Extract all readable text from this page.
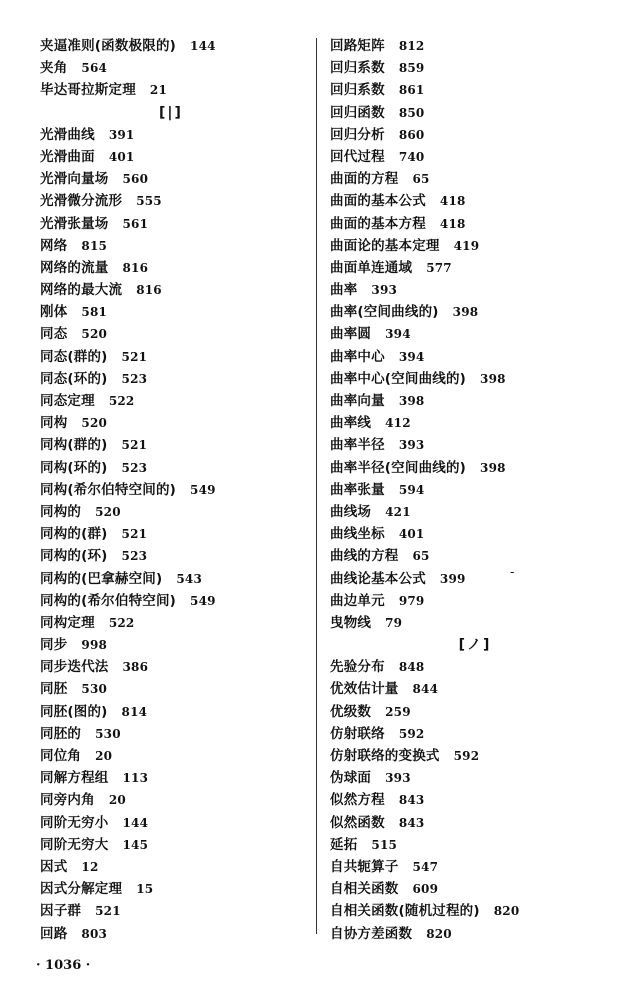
夹逼准则(函数极限的) 144
夹角 564
毕达哥拉斯定理 21
[|]
光滑曲线 391
光滑曲面 401
光滑向量场 560
光滑微分流形 555
光滑张量场 561
网络 815
网络的流量 816
网络的最大流 816
刚体 581
同态 520
同态(群的) 521
同态(环的) 523
同态定理 522
同构 520
同构(群的) 521
同构(环的) 523
同构(希尔伯特空间的) 549
同构的 520
同构的(群) 521
同构的(环) 523
同构的(巴拿赫空间) 543
同构的(希尔伯特空间) 549
同构定理 522
同步 998
同步迭代法 386
同胚 530
同胚(图的) 814
同胚的 530
同位角 20
同解方程组 113
同旁内角 20
同阶无穷小 144
同阶无穷大 145
因式 12
因式分解定理 15
因子群 521
回路 803
回路矩阵 812
回归系数 859
回归系数 861
回归函数 850
回归分析 860
回代过程 740
曲面的方程 65
曲面的基本公式 418
曲面的基本方程 418
曲面论的基本定理 419
曲面单连通域 577
曲率 393
曲率(空间曲线的) 398
曲率圆 394
曲率中心 394
曲率中心(空间曲线的) 398
曲率向量 398
曲率线 412
曲率半径 393
曲率半径(空间曲线的) 398
曲率张量 594
曲线场 421
曲线坐标 401
曲线的方程 65
曲线论基本公式 399
曲边单元 979
曳物线 79
[ノ]
先验分布 848
优效估计量 844
优级数 259
仿射联络 592
仿射联络的变换式 592
伪球面 393
似然方程 843
似然函数 843
延拓 515
自共轭算子 547
自相关函数 609
自相关函数(随机过程的) 820
自协方差函数 820
-
· 1036 ·
